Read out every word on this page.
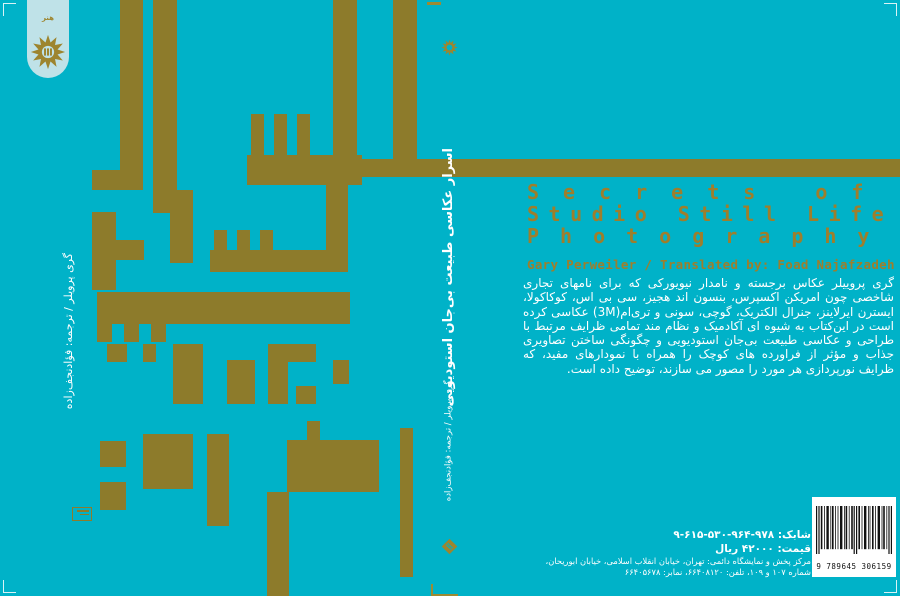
هنر
گری پرویلر / ترجمه: فؤادنجف‌زاده	اسرار عکاسی طبیعت بی‌جان استودیویی
گری پرویلر / ترجمه: فؤادنجف‌زاده
Secrets of
Studio Still Life
Photography
Gary Perweiler / Translated by: Foad Najafzadeh
گری پروییلر عکاس برجسته و نامدار نیویورکی که برای نامهای تجاری شاخصی چون امریکن اکسپرس، بنسون اند هجیز، سی بی اس، کوکاکولا، ایسترن ایرلاینز، جنرال الکتریک، گوچی، سونی و تری‌ام(3M) عکاسی کرده است در این‌کتاب به شیوه ای آکادمیک و نظام مند تمامی ظرایف مرتبط با طراحی و عکاسی طبیعت بی‌جان استودیویی و چگونگی ساختن تصاویری جذاب و مؤثر از فراورده های کوچک را همراه با نمودارهای مفید، که ظرایف نورپردازی هر مورد را مصور می سازند، توضیح داده است.
شابک: ۹۷۸-۹۶۴-۵۳۰-۶۱۵-۹
قیمت: ۴۲۰۰۰ ریال
مرکز پخش و نمایشگاه دائمی: تهران، خیابان انقلاب اسلامی، خیابان ابوریحان،
شماره ۱۰۷ و ۱۰۹، تلفن: ۶۶۴۰۸۱۲۰، نمابر: ۶۶۴۰۵۶۷۸
9 789645 306159
